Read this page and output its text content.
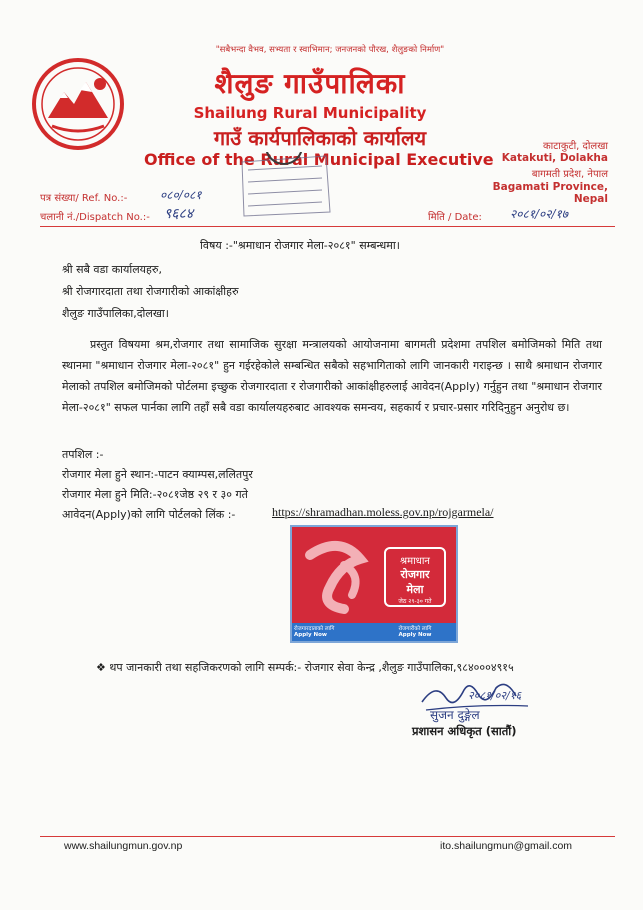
"सबैभन्दा वैभव, सभ्यता र स्वाभिमान; जनजनको पौरख, शैलुङको निर्माण"
शैलुङ गाउँपालिका
Shailung Rural Municipality
गाउँ कार्यपालिकाको कार्यालय
Office of the Rural Municipal Executive
काटाकुटी, दोलखा
Katakuti, Dolakha
बागमती प्रदेश, नेपाल
Bagamati Province, Nepal
पत्र संख्या/ Ref. No.:-	०८०/०८१
चलानी नं./Dispatch No.:- ९६८४	मिति / Date: २०८१/०२/१७
विषय :-"श्रमाधान रोजगार मेला-२०८१" सम्बन्धमा।
श्री सबै वडा कार्यालयहरु,
श्री रोजगारदाता तथा रोजगारीको आकांक्षीहरु
शैलुङ गाउँपालिका,दोलखा।
प्रस्तुत विषयमा श्रम,रोजगार तथा सामाजिक सुरक्षा मन्त्रालयको आयोजनामा बागमती प्रदेशमा तपशिल बमोजिमको मिति तथा स्थानमा "श्रमाधान रोजगार मेला-२०८१" हुन गईरहेकोले सम्बन्धित सबैको सहभागिताको लागि जानकारी गराइन्छ । साथै श्रमाधान रोजगार मेलाको तपशिल बमोजिमको पोर्टलमा इच्छुक रोजगारदाता र रोजगारीको आकांक्षीहरुलाई आवेदन(Apply) गर्नुहुन तथा "श्रमाधान रोजगार मेला-२०८१" सफल पार्नका लागि तहाँ सबै वडा कार्यालयहरुबाट आवश्यक समन्वय, सहकार्य र प्रचार-प्रसार गरिदिनुहुन अनुरोध छ।
तपशिल :-
रोजगार मेला हुने स्थान:-पाटन क्याम्पस,ललितपुर
रोजगार मेला हुने मिति:-२०८१जेष्ठ २९ र ३० गते
आवेदन(Apply)को लागि पोर्टलको लिंक :-	https://shramadhan.moless.gov.np/rojgarmela/
श्रमाधान
रोजगार
मेला
जेठ २९-३० गते
रोजगारदाताको लागि
Apply Now
रोजगारीको लागि
Apply Now
❖ थप जानकारी तथा सहजिकरणको लागि सम्पर्क:- रोजगार सेवा केन्द्र ,शैलुङ गाउँपालिका,९८४०००४९१५
२०८१/०२/१६
सुजन दुङ्गेल
प्रशासन अधिकृत (सातौं)
www.shailungmun.gov.np	ito.shailungmun@gmail.com
